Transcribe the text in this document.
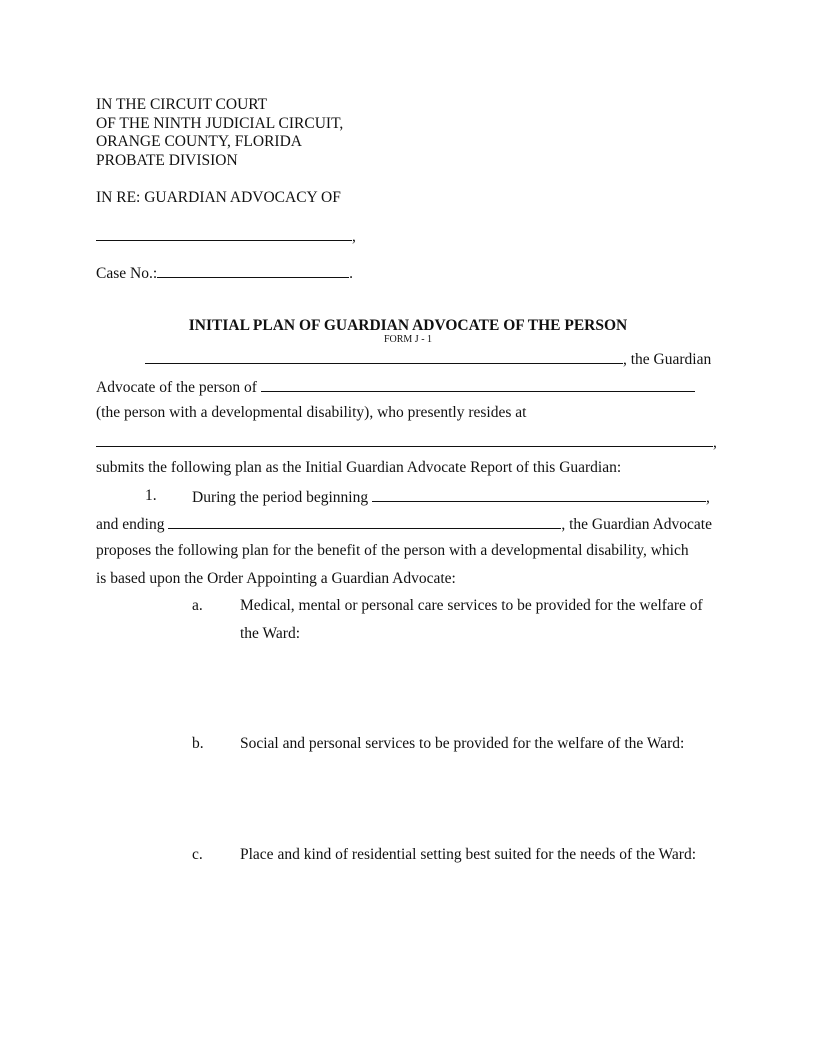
IN THE CIRCUIT COURT

OF THE NINTH JUDICIAL CIRCUIT,

ORANGE COUNTY, FLORIDA

PROBATE DIVISION

IN RE: GUARDIAN ADVOCACY OF

,
Case No.:	.

INITIAL PLAN OF GUARDIAN ADVOCATE OF THE PERSON

FORM J - 1

, the Guardian
Advocate of the person of

(the person with a developmental disability), who presently resides at

,

submits the following plan as the Initial Guardian Advocate Report of this Guardian:

1. During the period beginning	,
and ending	, the Guardian Advocate

proposes the following plan for the benefit of the person with a developmental disability, which

is based upon the Order Appointing a Guardian Advocate:

a. Medical, mental or personal care services to be provided for the welfare of

the Ward:

b. Social and personal services to be provided for the welfare of the Ward:

c. Place and kind of residential setting best suited for the needs of the Ward:
